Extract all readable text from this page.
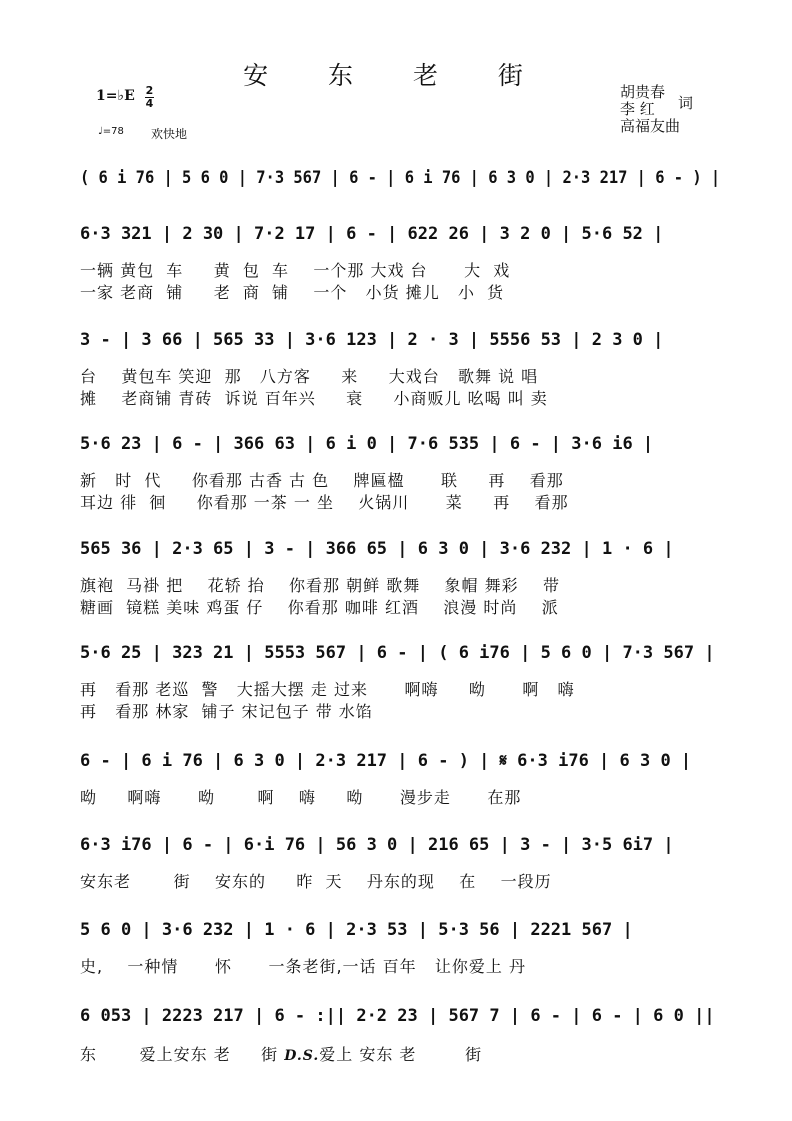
安 东 老 街
1=♭E 2
4
♩=78 欢快地
胡贵春
李 红	词
高福友曲
( 6 i 76 | 5 6 0 | 7·3 567 | 6 - | 6 i 76 | 6 3 0 | 2·3 217 | 6 - ) |
6·3 321 | 2 30 | 7·2 17 | 6 - | 622 26 | 3 2 0 | 5·6 52 |
一辆 黄包  车     黄  包  车    一个那 大戏 台      大  戏
一家 老商  铺     老  商  铺    一个   小货 摊儿   小  货
3 - | 3 66 | 565 33 | 3·6 123 | 2 · 3 | 5556 53 | 2 3 0 |
台    黄包车 笑迎  那   八方客     来     大戏台   歌舞 说 唱
摊    老商铺 青砖  诉说 百年兴     衰     小商贩儿 吆喝 叫 卖
5·6 23 | 6 - | 366 63 | 6 i 0 | 7·6 535 | 6 - | 3·6 i6 |
新   时  代     你看那 古香 古 色    牌匾楹      联     再    看那
耳边 徘  徊     你看那 一茶 一 坐    火锅川      菜     再    看那
565 36 | 2·3 65 | 3 - | 366 65 | 6 3 0 | 3·6 232 | 1 · 6 |
旗袍  马褂 把    花轿 抬    你看那 朝鲜 歌舞    象帽 舞彩    带
糖画  镜糕 美味 鸡蛋 仔    你看那 咖啡 红酒    浪漫 时尚    派
5·6 25 | 323 21 | 5553 567 | 6 - | ( 6 i76 | 5 6 0 | 7·3 567 |
再   看那 老巡  警   大摇大摆 走 过来      啊嗨     呦      啊   嗨
再   看那 林家  铺子 宋记包子 带 水馅
6 - | 6 i 76 | 6 3 0 | 2·3 217 | 6 - ) | 𝄋 6·3 i76 | 6 3 0 |
呦     啊嗨      呦       啊    嗨     呦      漫步走      在那
6·3 i76 | 6 - | 6·i 76 | 56 3 0 | 216 65 | 3 - | 3·5 6i7 |
安东老       街    安东的     昨  天    丹东的现    在    一段历
5 6 0 | 3·6 232 | 1 · 6 | 2·3 53 | 5·3 56 | 2221 567 |
史,    一种情      怀      一条老街,一话 百年   让你爱上 丹
6 053 | 2223 217 | 6 - :|| 2·2 23 | 567 7 | 6 - | 6 - | 6 0 ||
东       爱上安东 老     街 D.S.爱上 安东 老        街
